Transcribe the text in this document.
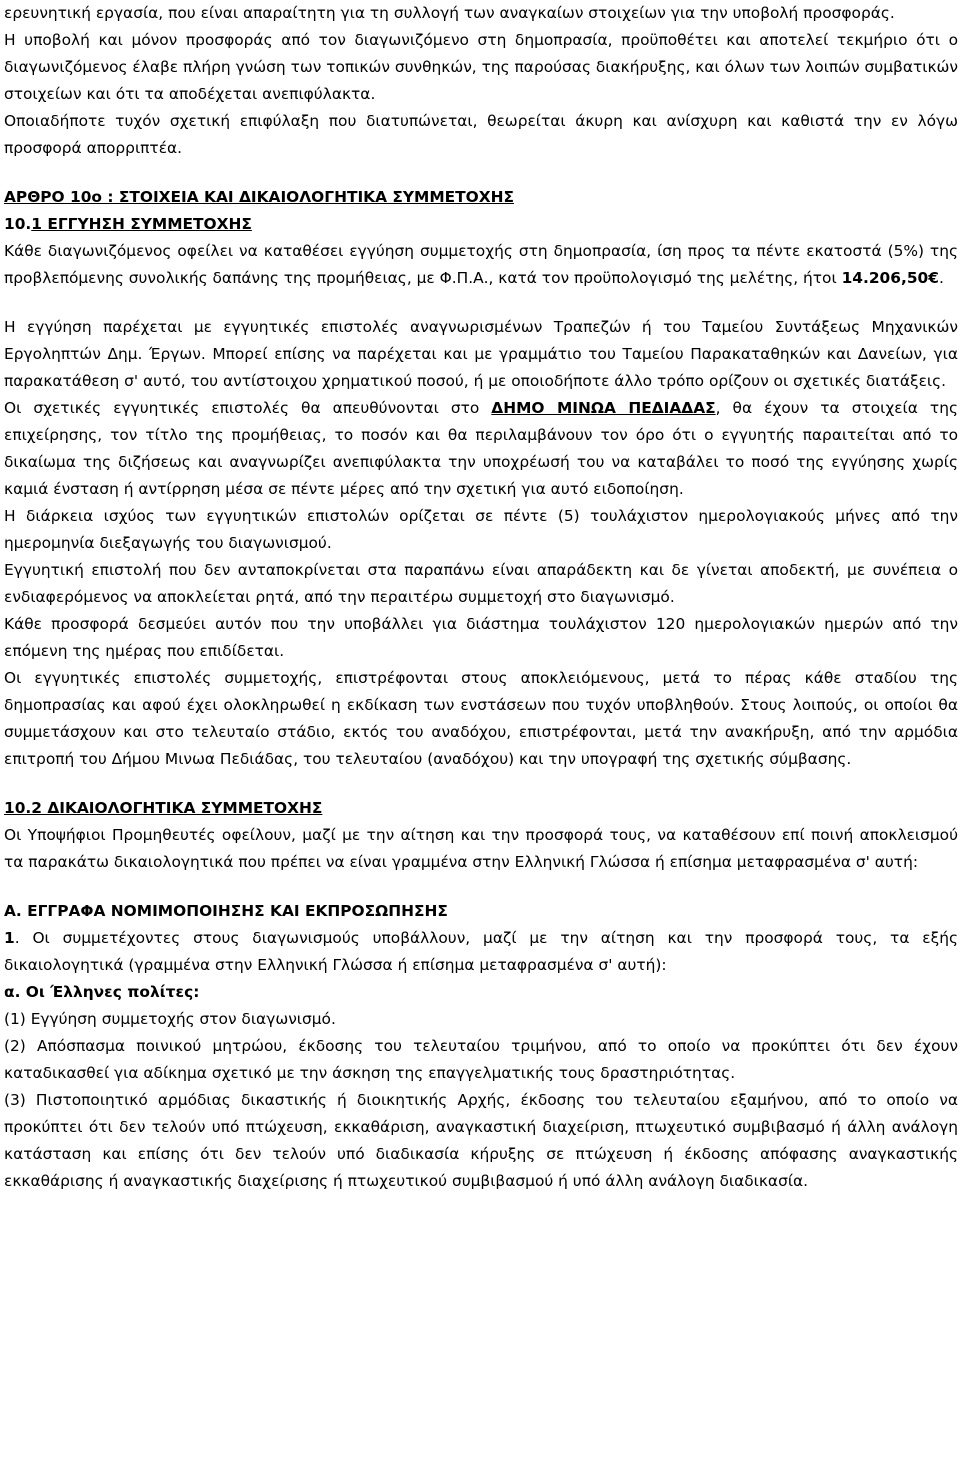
ερευνητική εργασία, που είναι απαραίτητη για τη συλλογή των αναγκαίων στοιχείων για την υποβολή προσφοράς.

Η υποβολή και μόνον προσφοράς από τον διαγωνιζόμενο στη δημοπρασία, προϋποθέτει και αποτελεί τεκμήριο ότι ο διαγωνιζόμενος έλαβε πλήρη γνώση των τοπικών συνθηκών, της παρούσας διακήρυξης, και όλων των λοιπών συμβατικών στοιχείων και ότι τα αποδέχεται ανεπιφύλακτα.

Οποιαδήποτε τυχόν σχετική επιφύλαξη που διατυπώνεται, θεωρείται άκυρη και ανίσχυρη και καθιστά την εν λόγω προσφορά απορριπτέα.

ΑΡΘΡΟ 10ο : ΣΤΟΙΧΕΙΑ ΚΑΙ ΔΙΚΑΙΟΛΟΓΗΤΙΚΑ ΣΥΜΜΕΤΟΧΗΣ

10.1 ΕΓΓΥΗΣΗ ΣΥΜΜΕΤΟΧΗΣ

Κάθε διαγωνιζόμενος οφείλει να καταθέσει εγγύηση συμμετοχής στη δημοπρασία, ίση προς τα πέντε εκατοστά (5%) της προβλεπόμενης συνολικής δαπάνης της προμήθειας, με Φ.Π.Α., κατά τον προϋπολογισμό της μελέτης, ήτοι 14.206,50€.

Η εγγύηση παρέχεται με εγγυητικές επιστολές αναγνωρισμένων Τραπεζών ή του Ταμείου Συντάξεως Μηχανικών Εργοληπτών Δημ. Έργων. Μπορεί επίσης να παρέχεται και με γραμμάτιο του Ταμείου Παρακαταθηκών και Δανείων, για παρακατάθεση σ' αυτό, του αντίστοιχου χρηματικού ποσού, ή με οποιοδήποτε άλλο τρόπο ορίζουν οι σχετικές διατάξεις.

Οι σχετικές εγγυητικές επιστολές θα απευθύνονται στο ΔΗΜΟ ΜΙΝΩΑ ΠΕΔΙΑΔΑΣ, θα έχουν τα στοιχεία της επιχείρησης, τον τίτλο της προμήθειας, το ποσόν και θα περιλαμβάνουν τον όρο ότι ο εγγυητής παραιτείται από το δικαίωμα της διζήσεως και αναγνωρίζει ανεπιφύλακτα την υποχρέωσή του να καταβάλει το ποσό της εγγύησης χωρίς καμιά ένσταση ή αντίρρηση μέσα σε πέντε μέρες από την σχετική για αυτό ειδοποίηση.

Η διάρκεια ισχύος των εγγυητικών επιστολών ορίζεται σε πέντε (5) τουλάχιστον ημερολογιακούς μήνες από την ημερομηνία διεξαγωγής του διαγωνισμού.

Εγγυητική επιστολή που δεν ανταποκρίνεται στα παραπάνω είναι απαράδεκτη και δε γίνεται αποδεκτή, με συνέπεια ο ενδιαφερόμενος να αποκλείεται ρητά, από την περαιτέρω συμμετοχή στο διαγωνισμό.

Κάθε προσφορά δεσμεύει αυτόν που την υποβάλλει για διάστημα τουλάχιστον 120 ημερολογιακών ημερών από την επόμενη της ημέρας που επιδίδεται.

Οι εγγυητικές επιστολές συμμετοχής, επιστρέφονται στους αποκλειόμενους, μετά το πέρας κάθε σταδίου της δημοπρασίας και αφού έχει ολοκληρωθεί η εκδίκαση των ενστάσεων που τυχόν υποβληθούν. Στους λοιπούς, οι οποίοι θα συμμετάσχουν και στο τελευταίο στάδιο, εκτός του αναδόχου, επιστρέφονται, μετά την ανακήρυξη, από την αρμόδια επιτροπή του Δήμου Μινωα Πεδιάδας, του τελευταίου (αναδόχου) και την υπογραφή της σχετικής σύμβασης.

10.2 ΔΙΚΑΙΟΛΟΓΗΤΙΚΑ ΣΥΜΜΕΤΟΧΗΣ

Οι Υποψήφιοι Προμηθευτές οφείλουν, μαζί με την αίτηση και την προσφορά τους, να καταθέσουν επί ποινή αποκλεισμού τα παρακάτω δικαιολογητικά που πρέπει να είναι γραμμένα στην Ελληνική Γλώσσα ή επίσημα μεταφρασμένα σ' αυτή:

Α. ΕΓΓΡΑΦΑ ΝΟΜΙΜΟΠΟΙΗΣΗΣ ΚΑΙ ΕΚΠΡΟΣΩΠΗΣΗΣ

1. Οι συμμετέχοντες στους διαγωνισμούς υποβάλλουν, μαζί με την αίτηση και την προσφορά τους, τα εξής δικαιολογητικά (γραμμένα στην Ελληνική Γλώσσα ή επίσημα μεταφρασμένα σ' αυτή):

α. Οι Έλληνες πολίτες:

(1) Εγγύηση συμμετοχής στον διαγωνισμό.

(2) Απόσπασμα ποινικού μητρώου, έκδοσης του τελευταίου τριμήνου, από το οποίο να προκύπτει ότι δεν έχουν καταδικασθεί για αδίκημα σχετικό με την άσκηση της επαγγελματικής τους δραστηριότητας.

(3) Πιστοποιητικό αρμόδιας δικαστικής ή διοικητικής Αρχής, έκδοσης του τελευταίου εξαμήνου, από το οποίο να προκύπτει ότι δεν τελούν υπό πτώχευση, εκκαθάριση, αναγκαστική διαχείριση, πτωχευτικό συμβιβασμό ή άλλη ανάλογη κατάσταση και επίσης ότι δεν τελούν υπό διαδικασία κήρυξης σε πτώχευση ή έκδοσης απόφασης αναγκαστικής εκκαθάρισης ή αναγκαστικής διαχείρισης ή πτωχευτικού συμβιβασμού ή υπό άλλη ανάλογη διαδικασία.
